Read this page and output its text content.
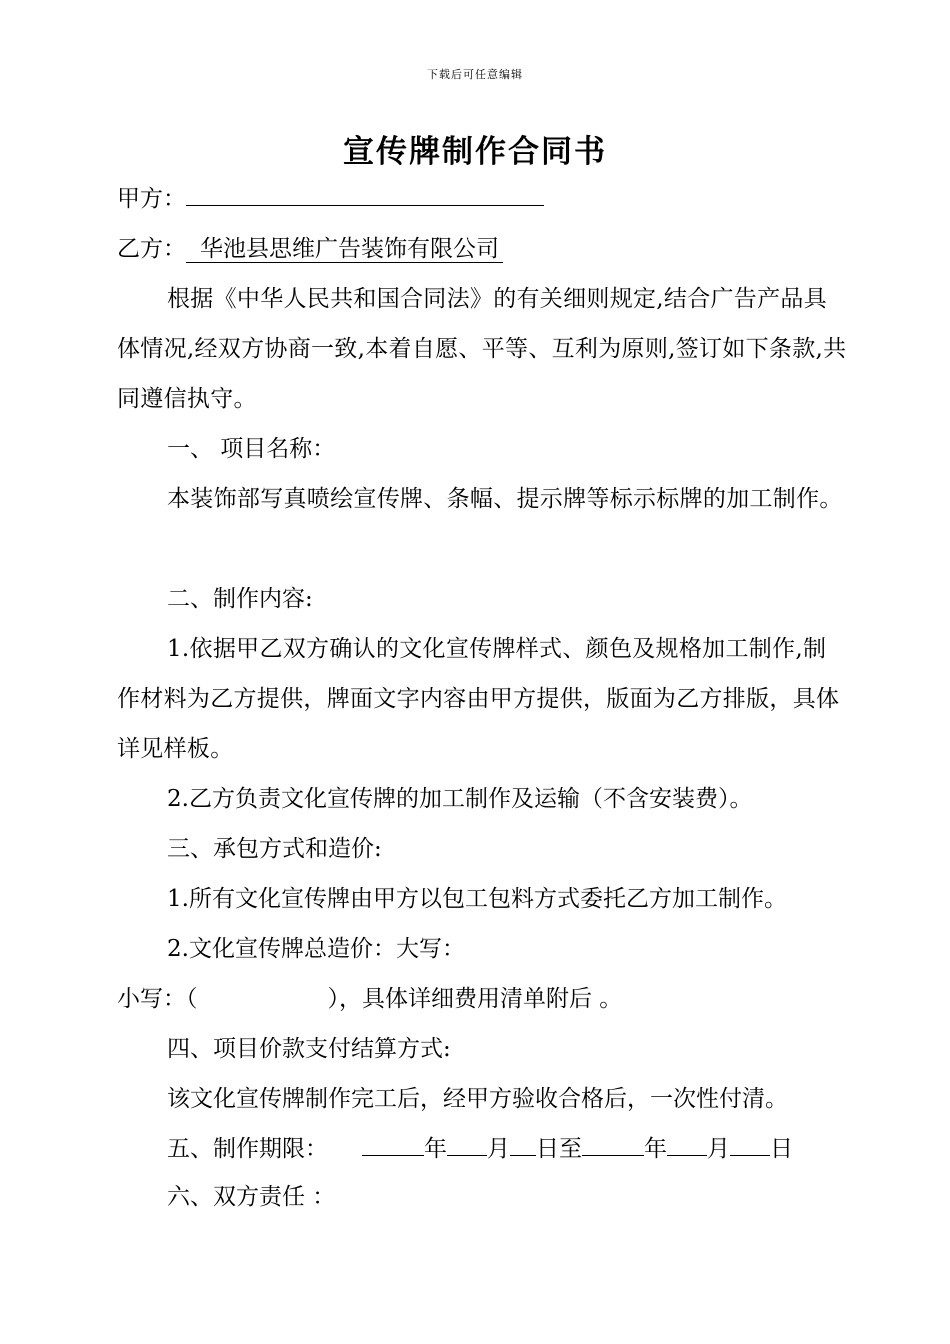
下载后可任意编辑
宣传牌制作合同书
甲方：
乙方： 华池县思维广告装饰有限公司

根据《中华人民共和国合同法》的有关细则规定,结合广告产品具体情况,经双方协商一致,本着自愿、平等、互利为原则,签订如下条款,共同遵信执守。

一、 项目名称：

本装饰部写真喷绘宣传牌、条幅、提示牌等标示标牌的加工制作。

二、制作内容:

1.依据甲乙双方确认的文化宣传牌样式、颜色及规格加工制作,制作材料为乙方提供，牌面文字内容由甲方提供，版面为乙方排版，具体详见样板。

2.乙方负责文化宣传牌的加工制作及运输（不含安装费）。
三、承包方式和造价:
1.所有文化宣传牌由甲方以包工包料方式委托乙方加工制作。
2.文化宣传牌总造价：大写：
小写：（	），具体详细费用清单附后 。
四、项目价款支付结算方式:
该文化宣传牌制作完工后，经甲方验收合格后，一次性付清。
五、制作期限：	年 月 日至	年 月 日
六、双方责任 ：
